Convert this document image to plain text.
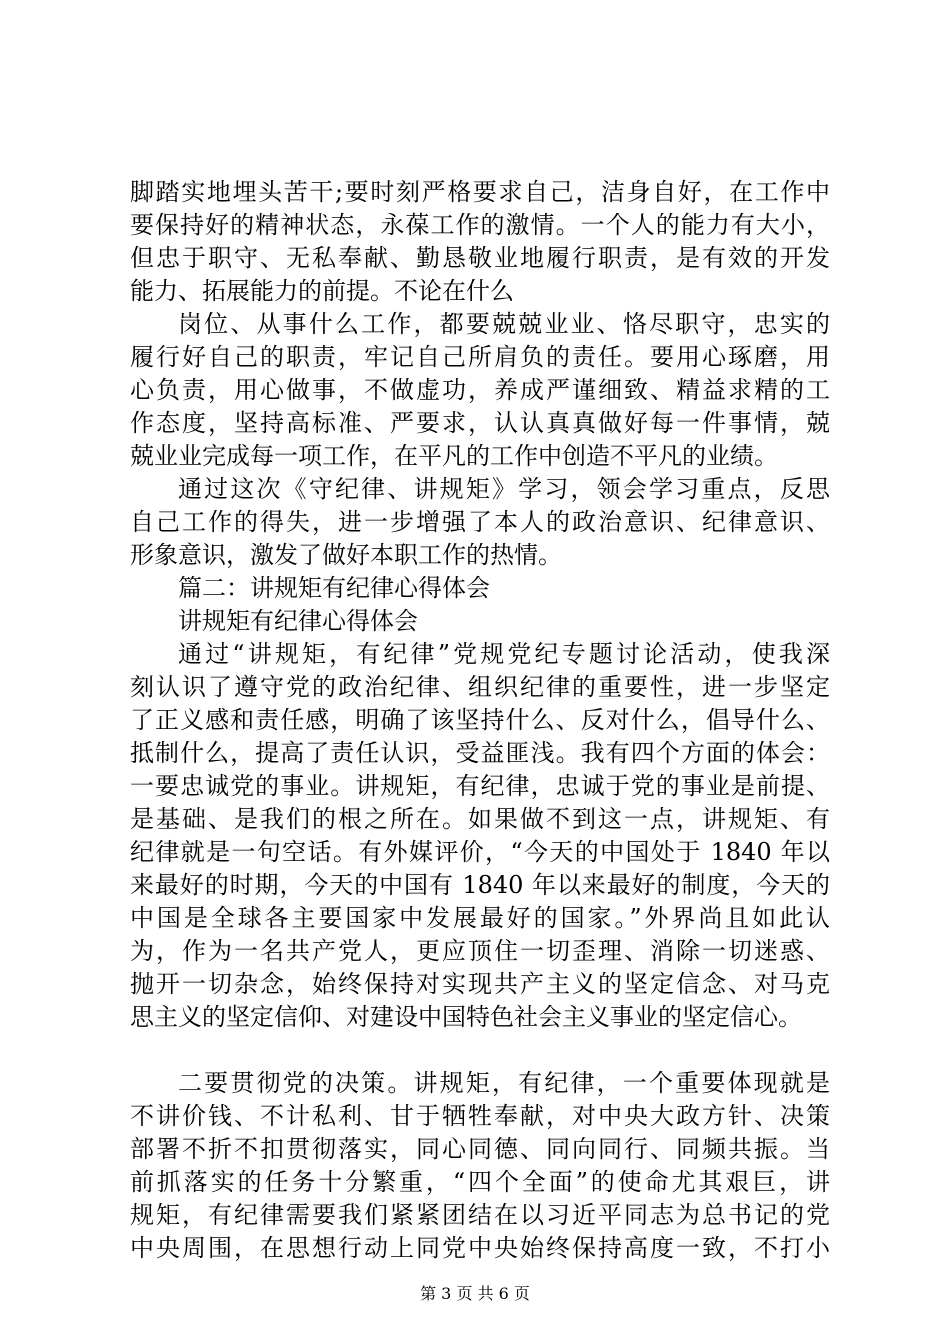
脚踏实地埋头苦干;要时刻严格要求自己，洁身自好，在工作中
要保持好的精神状态，永葆工作的激情。一个人的能力有大小，
但忠于职守、无私奉献、勤恳敬业地履行职责，是有效的开发
能力、拓展能力的前提。不论在什么
岗位、从事什么工作，都要兢兢业业、恪尽职守，忠实的
履行好自己的职责，牢记自己所肩负的责任。要用心琢磨，用
心负责，用心做事，不做虚功，养成严谨细致、精益求精的工
作态度，坚持高标准、严要求，认认真真做好每一件事情，兢
兢业业完成每一项工作，在平凡的工作中创造不平凡的业绩。
通过这次《守纪律、讲规矩》学习，领会学习重点，反思
自己工作的得失，进一步增强了本人的政治意识、纪律意识、
形象意识，激发了做好本职工作的热情。
篇二：讲规矩有纪律心得体会
讲规矩有纪律心得体会
通过“讲规矩，有纪律”党规党纪专题讨论活动，使我深
刻认识了遵守党的政治纪律、组织纪律的重要性，进一步坚定
了正义感和责任感，明确了该坚持什么、反对什么，倡导什么、
抵制什么，提高了责任认识，受益匪浅。我有四个方面的体会：
一要忠诚党的事业。讲规矩，有纪律，忠诚于党的事业是前提、
是基础、是我们的根之所在。如果做不到这一点，讲规矩、有
纪律就是一句空话。有外媒评价，“今天的中国处于 1840 年以
来最好的时期，今天的中国有 1840 年以来最好的制度，今天的
中国是全球各主要国家中发展最好的国家。”外界尚且如此认
为，作为一名共产党人，更应顶住一切歪理、消除一切迷惑、
抛开一切杂念，始终保持对实现共产主义的坚定信念、对马克
思主义的坚定信仰、对建设中国特色社会主义事业的坚定信心。
二要贯彻党的决策。讲规矩，有纪律，一个重要体现就是
不讲价钱、不计私利、甘于牺牲奉献，对中央大政方针、决策
部署不折不扣贯彻落实，同心同德、同向同行、同频共振。当
前抓落实的任务十分繁重，“四个全面”的使命尤其艰巨，讲
规矩，有纪律需要我们紧紧团结在以习近平同志为总书记的党
中央周围，在思想行动上同党中央始终保持高度一致，不打小
第 3 页 共 6 页
